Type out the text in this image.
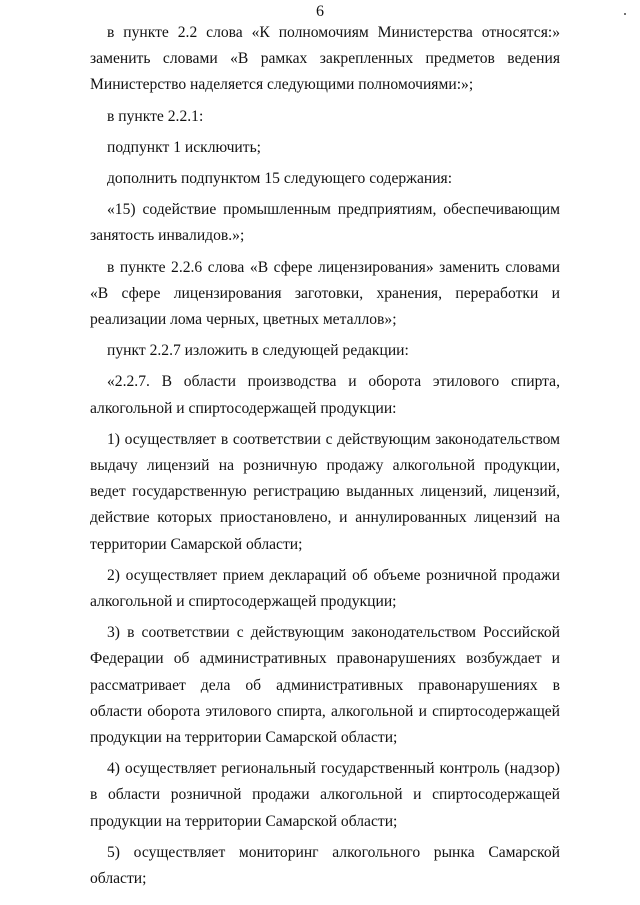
6

в пункте 2.2 слова «К полномочиям Министерства относятся:» заменить словами «В рамках закрепленных предметов ведения Министерство наделяется следующими полномочиями:»;

в пункте 2.2.1:

подпункт 1 исключить;

дополнить подпунктом 15 следующего содержания:

«15) содействие промышленным предприятиям, обеспечивающим занятость инвалидов.»;

в пункте 2.2.6 слова «В сфере лицензирования» заменить словами «В сфере лицензирования заготовки, хранения, переработки и реализации лома черных, цветных металлов»;

пункт 2.2.7 изложить в следующей редакции:

«2.2.7. В области производства и оборота этилового спирта, алкогольной и спиртосодержащей продукции:

1) осуществляет в соответствии с действующим законодательством выдачу лицензий на розничную продажу алкогольной продукции, ведет государственную регистрацию выданных лицензий, лицензий, действие которых приостановлено, и аннулированных лицензий на территории Самарской области;

2) осуществляет прием деклараций об объеме розничной продажи алкогольной и спиртосодержащей продукции;

3) в соответствии с действующим законодательством Российской Федерации об административных правонарушениях возбуждает и рассматривает дела об административных правонарушениях в области оборота этилового спирта, алкогольной и спиртосодержащей продукции на территории Самарской области;

4) осуществляет региональный государственный контроль (надзор) в области розничной продажи алкогольной и спиртосодержащей продукции на территории Самарской области;

5) осуществляет мониторинг алкогольного рынка Самарской области;
